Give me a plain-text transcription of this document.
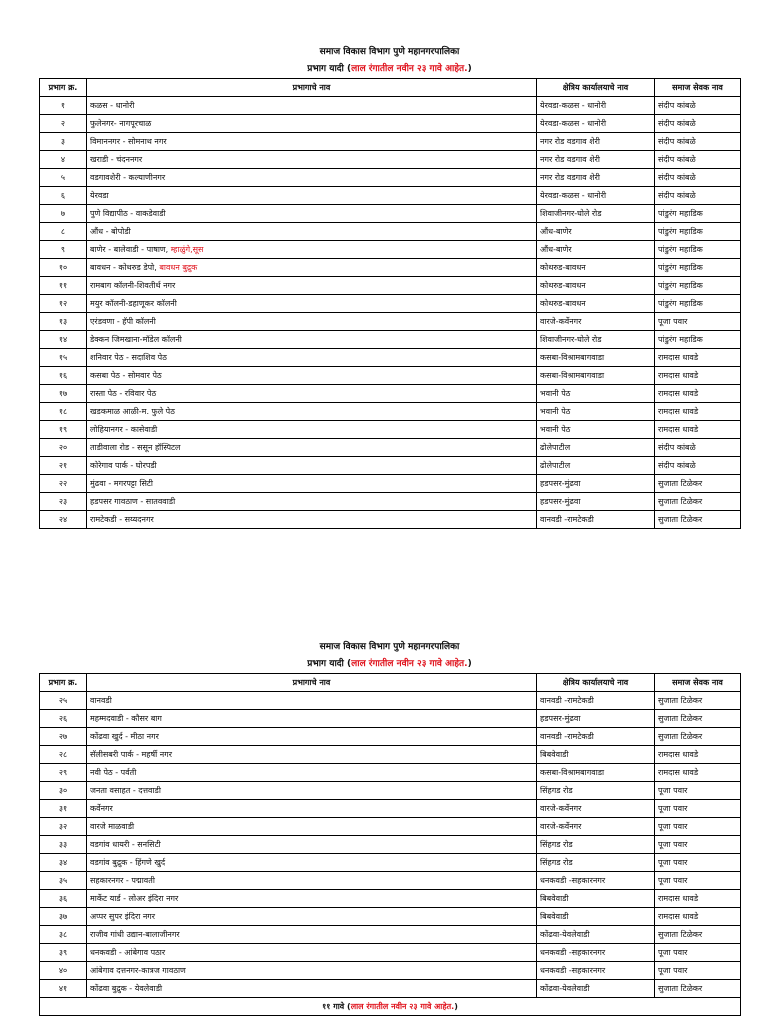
समाज विकास विभाग पुणे महानगरपालिका
प्रभाग यादी (लाल रंगातील नवीन २३ गावे आहेत.)
प्रभाग क्र.	प्रभागाचे नाव	क्षेत्रिय कार्यालयाचे नाव	समाज सेवक नाव
१	कळस - धानोरी	येरवडा-कळस - धानोरी	संदीप कांबळे
२	फुलेनगर- नागपूरचाळ	येरवडा-कळस - धानोरी	संदीप कांबळे
३	विमाननगर - सोमनाथ नगर	नगर रोड वडगाव शेरी	संदीप कांबळे
४	खराडी - चंदननगर	नगर रोड वडगाव शेरी	संदीप कांबळे
५	वडगावशेरी - कल्याणीनगर	नगर रोड वडगाव शेरी	संदीप कांबळे
६	येरवडा	येरवडा-कळस - धानोरी	संदीप कांबळे
७	पुणे विद्यापीठ - वाकडेवाडी	शिवाजीनगर-घोले रोड	पांडुरंग महाडिक
८	औंध - बोपोडी	औंध-बाणेर	पांडुरंग महाडिक
९	बाणेर - बालेवाडी - पाषाण, म्हाळुंगे,सूस	औंध-बाणेर	पांडुरंग महाडिक
१०	बावधन - कोथरुड डेपो, बावधन बुद्रुक	कोथरुड-बावधन	पांडुरंग महाडिक
११	रामबाग कॉलनी-शिवतीर्थ नगर	कोथरुड-बावधन	पांडुरंग महाडिक
१२	मयुर कॉलनी-डहाणूकर कॉलनी	कोथरुड-बावधन	पांडुरंग महाडिक
१३	एरंडवणा - हॅपी कॉलनी	वारजे-कर्वेनगर	पूजा पवार
१४	डेक्कन जिमखाना-मॉडेल कॉलनी	शिवाजीनगर-घोले रोड	पांडुरंग महाडिक
१५	शनिवार पेठ - सदाशिव पेठ	कसबा-विश्रामबागवाडा	रामदास धावडे
१६	कसबा पेठ - सोमवार पेठ	कसबा-विश्रामबागवाडा	रामदास धावडे
१७	रास्ता पेठ - रविवार पेठ	भवानी पेठ	रामदास धावडे
१८	खडकमाळ आळी-म. फुले पेठ	भवानी पेठ	रामदास धावडे
१९	लोहियानगर - कासेवाडी	भवानी पेठ	रामदास धावडे
२०	ताडीवाला रोड - ससून हॉस्पिटल	ढोलेपाटील	संदीप कांबळे
२१	कोरेगाव पार्क - घोरपडी	ढोलेपाटील	संदीप कांबळे
२२	मुंढवा - मगरपट्टा सिटी	हडपसर-मुंढवा	सुजाता टिळेकर
२३	हडपसर गावठाण - सातववाडी	हडपसर-मुंढवा	सुजाता टिळेकर
२४	रामटेकडी - सय्यदनगर	वानवडी -रामटेकडी	सुजाता टिळेकर
समाज विकास विभाग पुणे महानगरपालिका
प्रभाग यादी (लाल रंगातील नवीन २३ गावे आहेत.)
प्रभाग क्र.	प्रभागाचे नाव	क्षेत्रिय कार्यालयाचे नाव	समाज सेवक नाव
२५	वानवडी	वानवडी -रामटेकडी	सुजाता टिळेकर
२६	महम्मदवाडी - कौसर बाग	हडपसर-मुंढवा	सुजाता टिळेकर
२७	कोंढवा खुर्द - मीठा नगर	वानवडी -रामटेकडी	सुजाता टिळेकर
२८	सॅलीसबरी पार्क - महर्षी नगर	बिबवेवाडी	रामदास धावडे
२९	नवी पेठ - पर्वती	कसबा-विश्रामबागवाडा	रामदास धावडे
३०	जनता वसाहत - दत्तवाडी	सिंहगड रोड	पूजा पवार
३१	कर्वेनगर	वारजे-कर्वेनगर	पूजा पवार
३२	वारजे माळवाडी	वारजे-कर्वेनगर	पूजा पवार
३३	वडगांव धायरी - सनसिटी	सिंहगड रोड	पूजा पवार
३४	वडगांव बुद्रुक - हिंगणे खुर्द	सिंहगड रोड	पूजा पवार
३५	सहकारनगर - पद्मावती	धनकवडी -सहकारनगर	पूजा पवार
३६	मार्केट यार्ड - लोअर इंदिरा नगर	बिबवेवाडी	रामदास धावडे
३७	अप्पर सुपर इंदिरा नगर	बिबवेवाडी	रामदास धावडे
३८	राजीव गांधी उद्यान-बालाजीनगर	कोंढवा-येवलेवाडी	सुजाता टिळेकर
३९	धनकवडी - आंबेगाव पठार	धनकवडी -सहकारनगर	पूजा पवार
४०	आंबेगाव दत्तनगर-कात्रज गावठाण	धनकवडी -सहकारनगर	पूजा पवार
४१	कोंढवा बुद्रुक - येवलेवाडी	कोंढवा-येवलेवाडी	सुजाता टिळेकर
११ गावे (लाल रंगातील नवीन २३ गावे आहेत.)			
